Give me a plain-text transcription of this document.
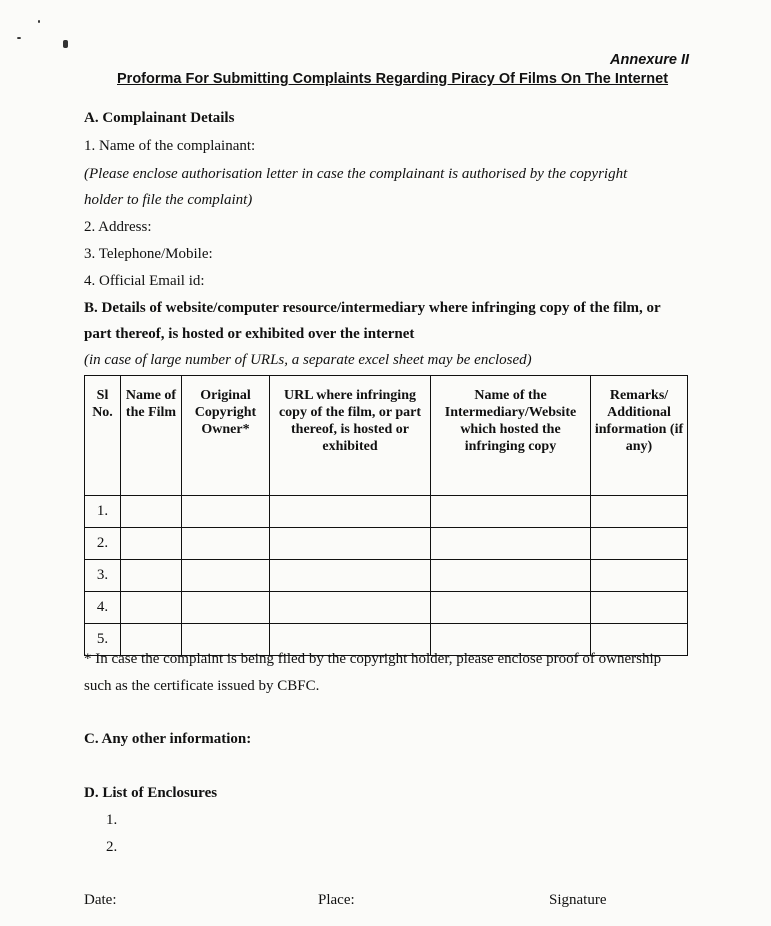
Annexure II
Proforma For Submitting Complaints Regarding Piracy Of Films On The Internet
A. Complainant Details
1. Name of the complainant:
(Please enclose authorisation letter in case the complainant is authorised by the copyright
holder to file the complaint)
2. Address:
3. Telephone/Mobile:
4. Official Email id:
B. Details of website/computer resource/intermediary where infringing copy of the film, or
part thereof, is hosted or exhibited over the internet
(in case of large number of URLs, a separate excel sheet may be enclosed)
Sl No.	Name of the Film	Original Copyright Owner*	URL where infringing copy of the film, or part thereof, is hosted or exhibited	Name of the Intermediary/Website which hosted the infringing copy	Remarks/ Additional information (if any)
1.					
2.					
3.					
4.					
5.					
* In case the complaint is being filed by the copyright holder, please enclose proof of ownership
such as the certificate issued by CBFC.
C. Any other information:
D. List of Enclosures
1.
2.
Date:	Place:	Signature
